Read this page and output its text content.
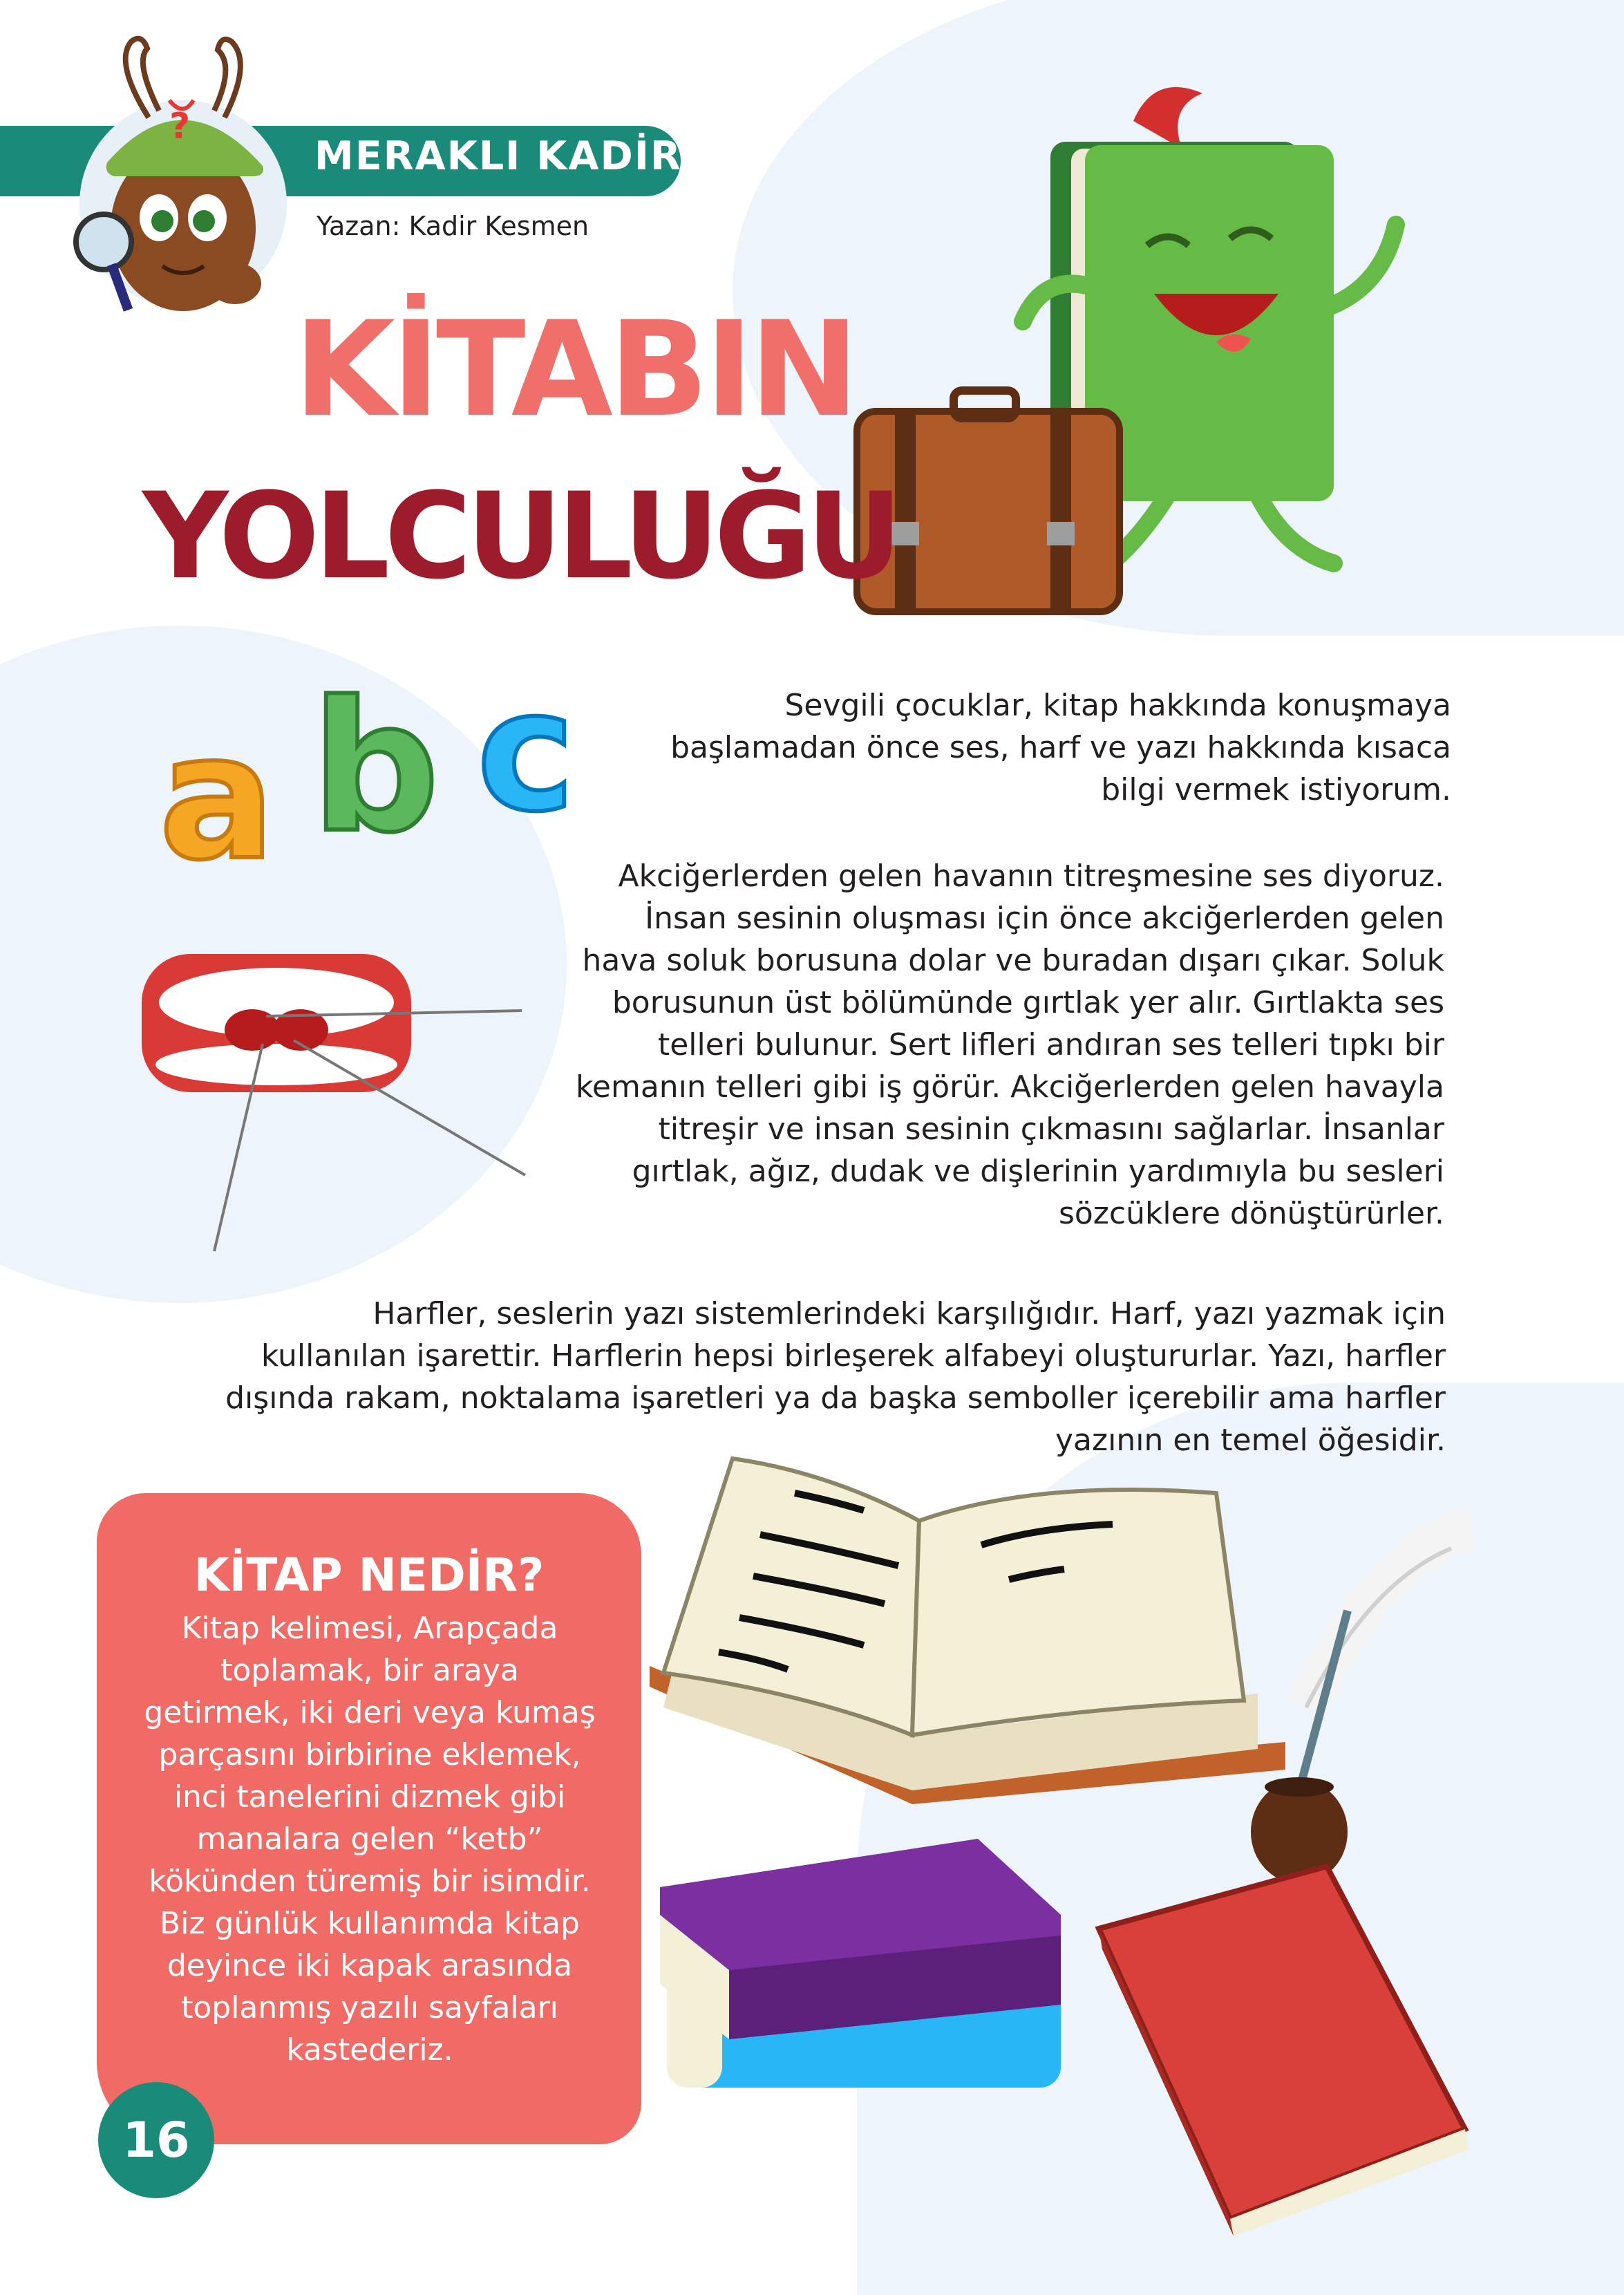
MERAKLI KADİR
Yazan: Kadir Kesmen
?
KİTABIN
YOLCULUĞU
a b c	Sevgili çocuklar, kitap hakkında konuşmaya
başlamadan önce ses, harf ve yazı hakkında kısaca
bilgi vermek istiyorum.

Akciğerlerden gelen havanın titreşmesine ses diyoruz.
İnsan sesinin oluşması için önce akciğerlerden gelen
hava soluk borusuna dolar ve buradan dışarı çıkar. Soluk
borusunun üst bölümünde gırtlak yer alır. Gırtlakta ses
telleri bulunur. Sert lifleri andıran ses telleri tıpkı bir
kemanın telleri gibi iş görür. Akciğerlerden gelen havayla
titreşir ve insan sesinin çıkmasını sağlarlar. İnsanlar
gırtlak, ağız, dudak ve dişlerinin yardımıyla bu sesleri
sözcüklere dönüştürürler.

Harfler, seslerin yazı sistemlerindeki karşılığıdır. Harf, yazı yazmak için
kullanılan işarettir. Harflerin hepsi birleşerek alfabeyi oluştururlar. Yazı, harfler
dışında rakam, noktalama işaretleri ya da başka semboller içerebilir ama harfler
yazının en temel öğesidir.

KİTAP NEDİR?
Kitap kelimesi, Arapçada
toplamak, bir araya
getirmek, iki deri veya kumaş
parçasını birbirine eklemek,
inci tanelerini dizmek gibi
manalara gelen “ketb”
kökünden türemiş bir isimdir.
Biz günlük kullanımda kitap
deyince iki kapak arasında
toplanmış yazılı sayfaları
kastederiz.
16
